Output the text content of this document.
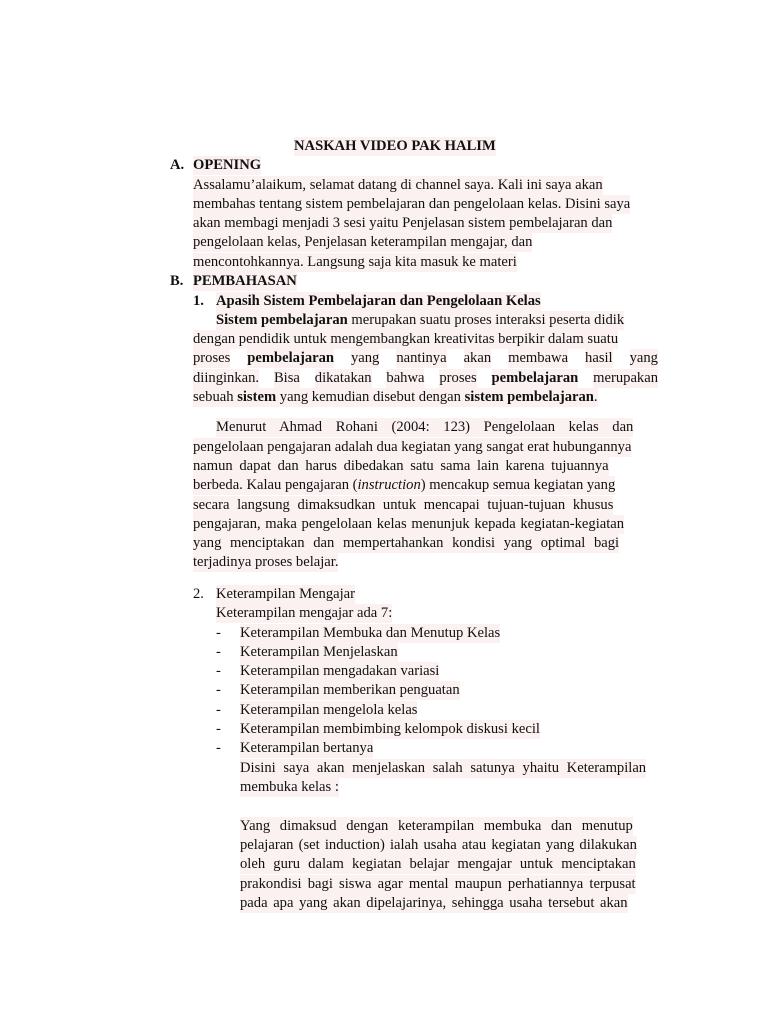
NASKAH VIDEO PAK HALIM
A. OPENING
Assalamu’alaikum, selamat datang di channel saya. Kali ini saya akan
membahas tentang sistem pembelajaran dan pengelolaan kelas. Disini saya
akan membagi menjadi 3 sesi yaitu Penjelasan sistem pembelajaran dan
pengelolaan kelas, Penjelasan keterampilan mengajar, dan
mencontohkannya. Langsung saja kita masuk ke materi
B. PEMBAHASAN
1. Apasih Sistem Pembelajaran dan Pengelolaan Kelas
Sistem pembelajaran merupakan suatu proses interaksi peserta didik
dengan pendidik untuk mengembangkan kreativitas berpikir dalam suatu
proses pembelajaran yang nantinya akan membawa hasil yang
diinginkan. Bisa dikatakan bahwa proses pembelajaran merupakan
sebuah sistem yang kemudian disebut dengan sistem pembelajaran.
Menurut Ahmad Rohani (2004: 123) Pengelolaan kelas dan
pengelolaan pengajaran adalah dua kegiatan yang sangat erat hubungannya
namun dapat dan harus dibedakan satu sama lain karena tujuannya
berbeda. Kalau pengajaran (instruction) mencakup semua kegiatan yang
secara langsung dimaksudkan untuk mencapai tujuan-tujuan khusus
pengajaran, maka pengelolaan kelas menunjuk kepada kegiatan-kegiatan
yang menciptakan dan mempertahankan kondisi yang optimal bagi
terjadinya proses belajar.
2. Keterampilan Mengajar
Keterampilan mengajar ada 7:
- Keterampilan Membuka dan Menutup Kelas
- Keterampilan Menjelaskan
- Keterampilan mengadakan variasi
- Keterampilan memberikan penguatan
- Keterampilan mengelola kelas
- Keterampilan membimbing kelompok diskusi kecil
- Keterampilan bertanya
Disini saya akan menjelaskan salah satunya yhaitu Keterampilan
membuka kelas :
Yang dimaksud dengan keterampilan membuka dan menutup
pelajaran (set induction) ialah usaha atau kegiatan yang dilakukan
oleh guru dalam kegiatan belajar mengajar untuk menciptakan
prakondisi bagi siswa agar mental maupun perhatiannya terpusat
pada apa yang akan dipelajarinya, sehingga usaha tersebut akan
